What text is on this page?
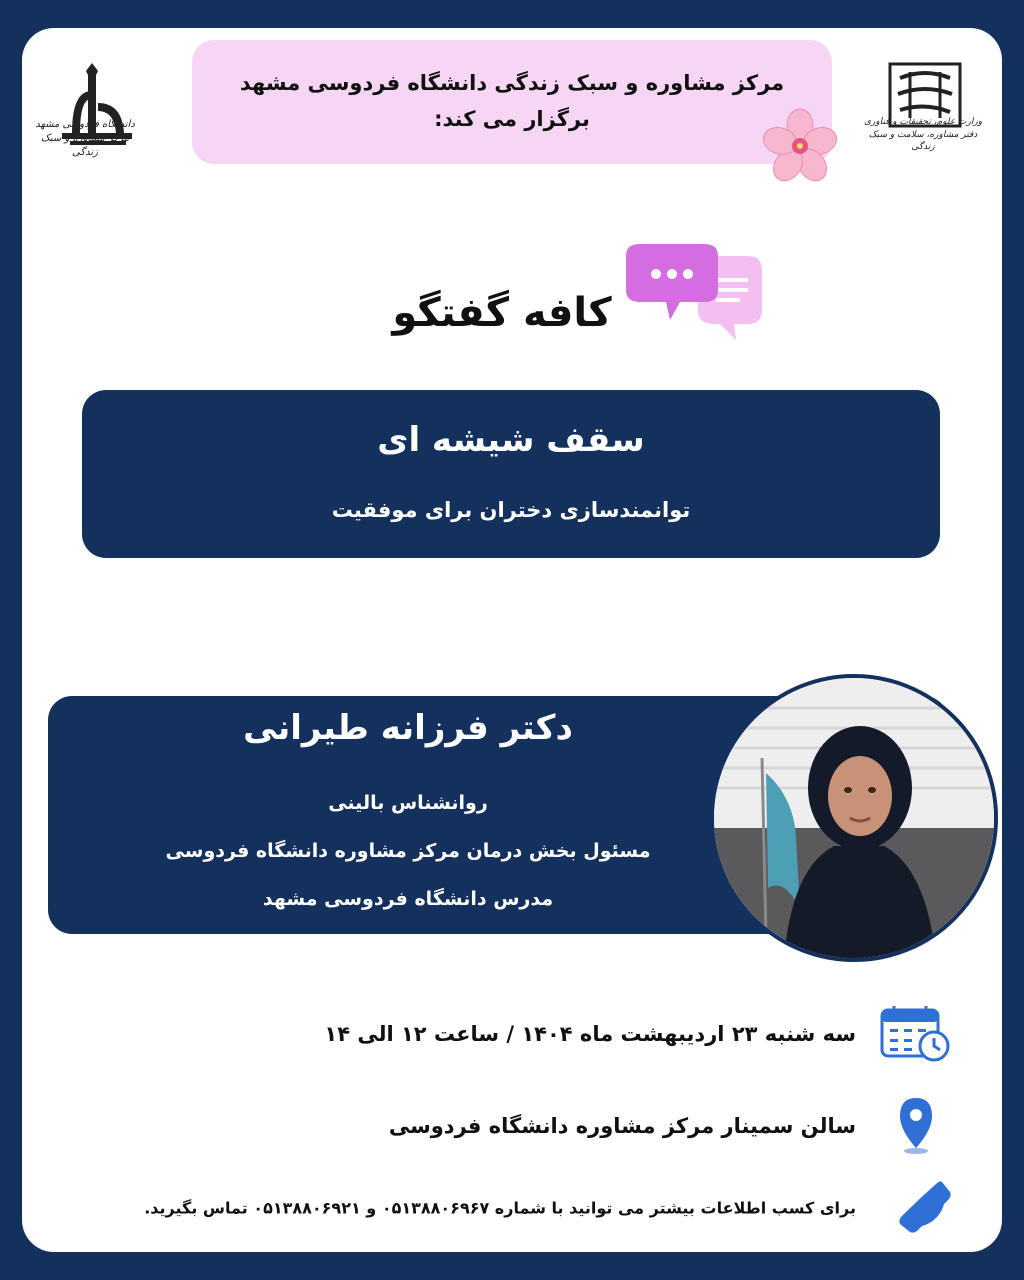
دانشگاه فردوسی مشهد
مرکز مشاوره و سبک زندگی
وزارت علوم، تحقیقات و فناوری
دفتر مشاوره، سلامت و سبک زندگی
مرکز مشاوره و سبک زندگی دانشگاه فردوسی مشهد
برگزار می کند:
کافه گفتگو
سقف شیشه ای
توانمندسازی دختران برای موفقیت
دکتر فرزانه طیرانی
روانشناس بالینی
مسئول بخش درمان مرکز مشاوره دانشگاه فردوسی
مدرس دانشگاه فردوسی مشهد
سه شنبه ۲۳ اردیبهشت ماه ۱۴۰۴ / ساعت ۱۲ الی ۱۴
سالن سمینار مرکز مشاوره دانشگاه فردوسی
برای کسب اطلاعات بیشتر می توانید با شماره ۰۵۱۳۸۸۰۶۹۶۷ و ۰۵۱۳۸۸۰۶۹۲۱ تماس بگیرید.
